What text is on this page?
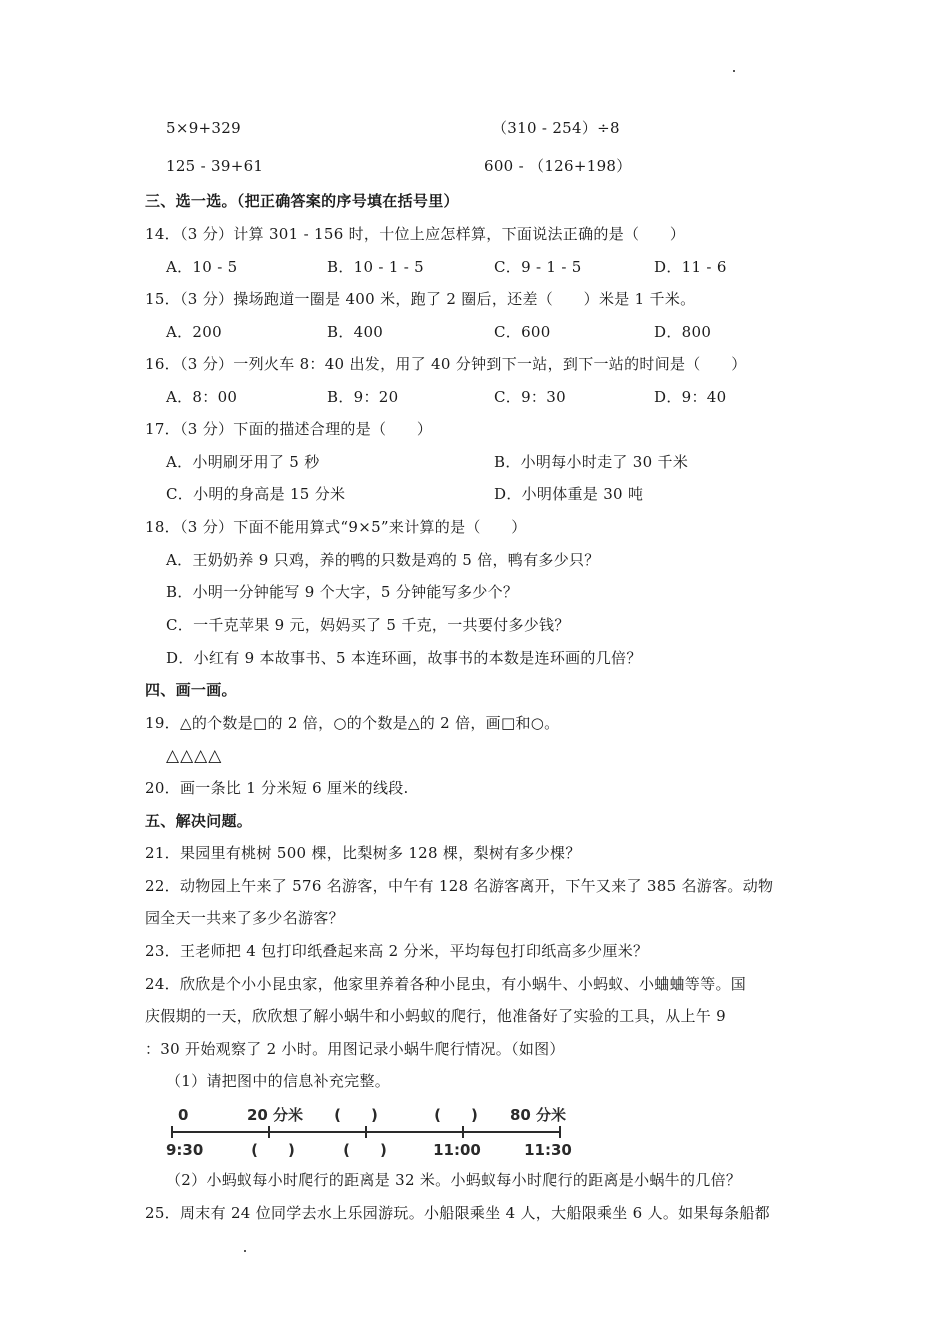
5×9+329	（310 - 254）÷8
125 - 39+61	600 - （126+198）
三、选一选。（把正确答案的序号填在括号里）
14．（3 分）计算 301 - 156 时，十位上应怎样算，下面说法正确的是（　　）
A．10 - 5	B．10 - 1 - 5	C．9 - 1 - 5	D．11 - 6
15．（3 分）操场跑道一圈是 400 米，跑了 2 圈后，还差（　　）米是 1 千米。
A．200	B．400	C．600	D．800
16．（3 分）一列火车 8：40 出发，用了 40 分钟到下一站，到下一站的时间是（　　）
A．8：00	B．9：20	C．9：30	D．9：40
17．（3 分）下面的描述合理的是（　　）
A．小明刷牙用了 5 秒	B．小明每小时走了 30 千米
C．小明的身高是 15 分米	D．小明体重是 30 吨
18．（3 分）下面不能用算式“9×5”来计算的是（　　）
A．王奶奶养 9 只鸡，养的鸭的只数是鸡的 5 倍，鸭有多少只？
B．小明一分钟能写 9 个大字，5 分钟能写多少个？
C．一千克苹果 9 元，妈妈买了 5 千克，一共要付多少钱？
D．小红有 9 本故事书、5 本连环画，故事书的本数是连环画的几倍？
四、画一画。
19．△的个数是□的 2 倍，○的个数是△的 2 倍，画□和○。
△△△△
20．画一条比 1 分米短 6 厘米的线段.
五、解决问题。
21．果园里有桃树 500 棵，比梨树多 128 棵，梨树有多少棵？
22．动物园上午来了 576 名游客，中午有 128 名游客离开，下午又来了 385 名游客。动物
园全天一共来了多少名游客？
23．王老师把 4 包打印纸叠起来高 2 分米，平均每包打印纸高多少厘米？
24．欣欣是个小小昆虫家，他家里养着各种小昆虫，有小蜗牛、小蚂蚁、小蛐蛐等等。国
庆假期的一天，欣欣想了解小蜗牛和小蚂蚁的爬行，他准备好了实验的工具，从上午 9
：30 开始观察了 2 小时。用图记录小蜗牛爬行情况。（如图）
（1）请把图中的信息补充完整。
0	20 分米 (　　)	(　　) 80 分米
9:30	(　　)	(　　)	11:00	11:30
（2）小蚂蚁每小时爬行的距离是 32 米。小蚂蚁每小时爬行的距离是小蜗牛的几倍？
25．周末有 24 位同学去水上乐园游玩。小船限乘坐 4 人，大船限乘坐 6 人。如果每条船都
